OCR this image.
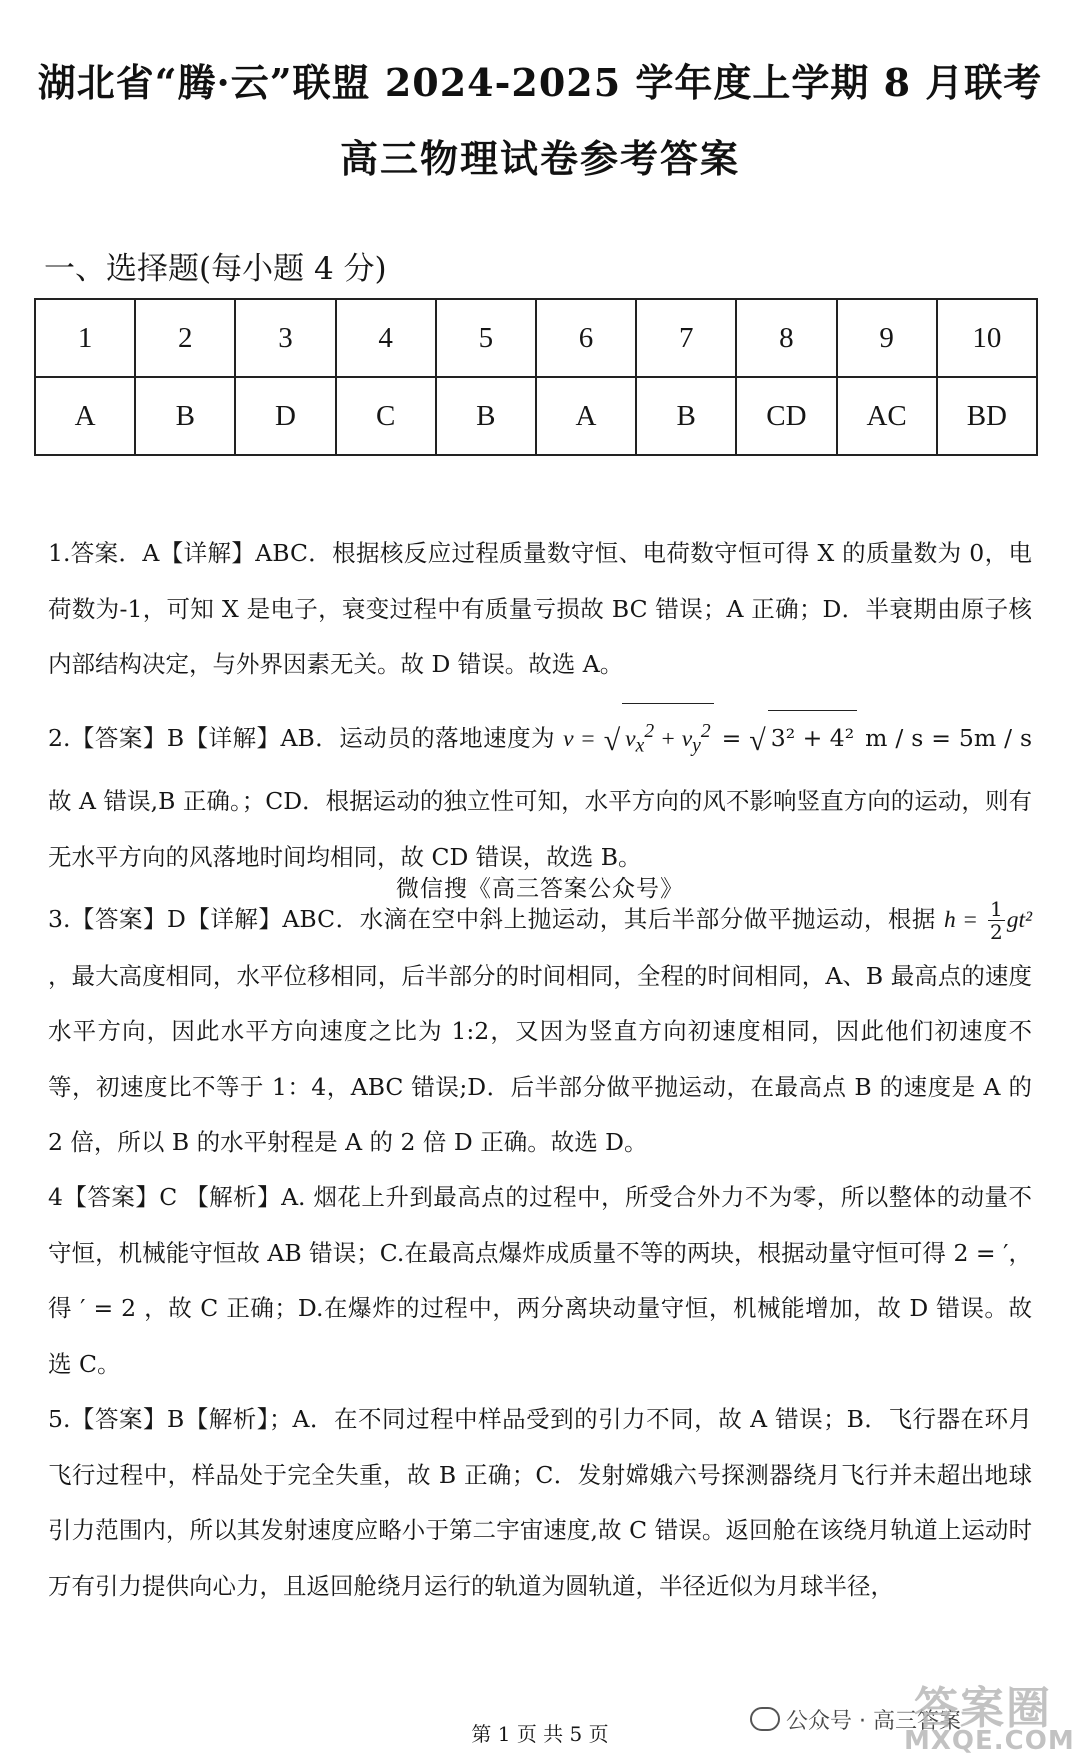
湖北省“腾·云”联盟 2024-2025 学年度上学期 8 月联考
高三物理试卷参考答案
一、选择题(每小题 4 分)
1	2	3	4	5	6	7	8	9	10
A	B	D	C	B	A	B	CD	AC	BD
1.答案．A【详解】ABC．根据核反应过程质量数守恒、电荷数守恒可得 X 的质量数为 0，电荷数为-1，可知 X 是电子，衰变过程中有质量亏损故 BC 错误；A 正确；D．半衰期由原子核内部结构决定，与外界因素无关。故 D 错误。故选 A。
2.【答案】B【详解】AB．运动员的落地速度为 v = √ $v_x^2 + v_y^2$ = √ 3² + 4² m / s = 5m / s 故 A 错误,B 正确。；CD．根据运动的独立性可知，水平方向的风不影响竖直方向的运动，则有无水平方向的风落地时间均相同，故 CD 错误，故选 B。
微信搜《高三答案公众号》
3.【答案】D【详解】ABC．水滴在空中斜上抛运动，其后半部分做平抛运动，根据 $h = \frac{1}{2} gt^2$ ，最大高度相同，水平位移相同，后半部分的时间相同，全程的时间相同，A、B 最高点的速度水平方向，因此水平方向速度之比为 1:2，又因为竖直方向初速度相同，因此他们初速度不等，初速度比不等于 1：4，ABC 错误;D．后半部分做平抛运动，在最高点 B 的速度是 A 的 2 倍，所以 B 的水平射程是 A 的 2 倍 D 正确。故选 D。
4【答案】C 【解析】A. 烟花上升到最高点的过程中，所受合外力不为零，所以整体的动量不守恒，机械能守恒故 AB 错误；C.在最高点爆炸成质量不等的两块，根据动量守恒可得 2 = ′，得 ′ = 2 ，故 C 正确；D.在爆炸的过程中，两分离块动量守恒，机械能增加，故 D 错误。故选 C。
5.【答案】B【解析】；A．在不同过程中样品受到的引力不同，故 A 错误；B．飞行器在环月飞行过程中，样品处于完全失重，故 B 正确；C．发射嫦娥六号探测器绕月飞行并未超出地球引力范围内，所以其发射速度应略小于第二宇宙速度,故 C 错误。返回舱在该绕月轨道上运动时万有引力提供向心力，且返回舱绕月运行的轨道为圆轨道，半径近似为月球半径，
第 1 页 共 5 页	公众号 · 高三答案
答案圈
MXQE.COM
